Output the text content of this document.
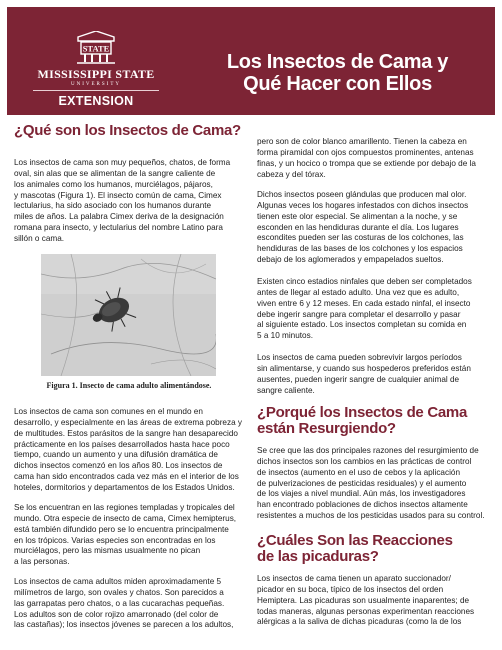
STATE
MISSISSIPPI STATE
UNIVERSITY
EXTENSION
Los Insectos de Cama y
Qué Hacer con Ellos
¿Qué son los Insectos de Cama?
Los insectos de cama son muy pequeños, chatos, de forma
oval, sin alas que se alimentan de la sangre caliente de
los animales como los humanos, murciélagos, pájaros,
y mascotas (Figura 1). El insecto común de cama, Cimex
lectularius, ha sido asociado con los humanos durante
miles de años. La palabra Cimex deriva de la designación
romana para insecto, y lectularius del nombre Latino para
sillón o cama.
Figura 1. Insecto de cama adulto alimentándose.
Los insectos de cama son comunes en el mundo en
desarrollo, y especialmente en las áreas de extrema pobreza y
de multitudes. Estos parásitos de la sangre han desaparecido
prácticamente en los países desarrollados hasta hace poco
tiempo, cuando un aumento y una difusión dramática de
dichos insectos comenzó en los años 80. Los insectos de
cama han sido encontrados cada vez más en el interior de los
hoteles, dormitorios y departamentos de los Estados Unidos.
Se los encuentran en las regiones templadas y tropicales del
mundo. Otra especie de insecto de cama, Cimex hemipterus,
está también difundido pero se lo encuentra principalmente
en los trópicos. Varias especies son encontradas en los
murciélagos, pero las mismas usualmente no pican
a las personas.
Los insectos de cama adultos miden aproximadamente 5
milímetros de largo, son ovales y chatos. Son parecidos a
las garrapatas pero chatos, o a las cucarachas pequeñas.
Los adultos son de color rojizo amarronado (del color de
las castañas); los insectos jóvenes se parecen a los adultos,
pero son de color blanco amarillento. Tienen la cabeza en
forma piramidal con ojos compuestos prominentes, antenas
finas, y un hocico o trompa que se extiende por debajo de la
cabeza y del tórax.
Dichos insectos poseen glándulas que producen mal olor.
Algunas veces los hogares infestados con dichos insectos
tienen este olor especial. Se alimentan a la noche, y se
esconden en las hendiduras durante el día. Los lugares
escondites pueden ser las costuras de los colchones, las
hendiduras de las bases de los colchones y los espacios
debajo de los aglomerados y empapelados sueltos.
Existen cinco estadios ninfales que deben ser completados
antes de llegar al estado adulto. Una vez que es adulto,
viven entre 6 y 12 meses. En cada estado ninfal, el insecto
debe ingerir sangre para completar el desarrollo y pasar
al siguiente estado. Los insectos completan su comida en
5 a 10 minutos.
Los insectos de cama pueden sobrevivir largos períodos
sin alimentarse, y cuando sus hospederos preferidos están
ausentes, pueden ingerir sangre de cualquier animal de
sangre caliente.
¿Porqué los Insectos de Cama
están Resurgiendo?
Se cree que las dos principales razones del resurgimiento de
dichos insectos son los cambios en las prácticas de control
de insectos (aumento en el uso de cebos y la aplicación
de pulverizaciones de pesticidas residuales) y el aumento
de los viajes a nivel mundial. Aún más, los investigadores
han encontrado poblaciones de dichos insectos altamente
resistentes a muchos de los pesticidas usados para su control.
¿Cuáles Son las Reacciones
de las picaduras?
Los insectos de cama tienen un aparato succionador/
picador en su boca, típico de los insectos del orden
Hemiptera. Las picaduras son usualmente inaparentes; de
todas maneras, algunas personas experimentan reacciones
alérgicas a la saliva de dichas picaduras (como la de los
